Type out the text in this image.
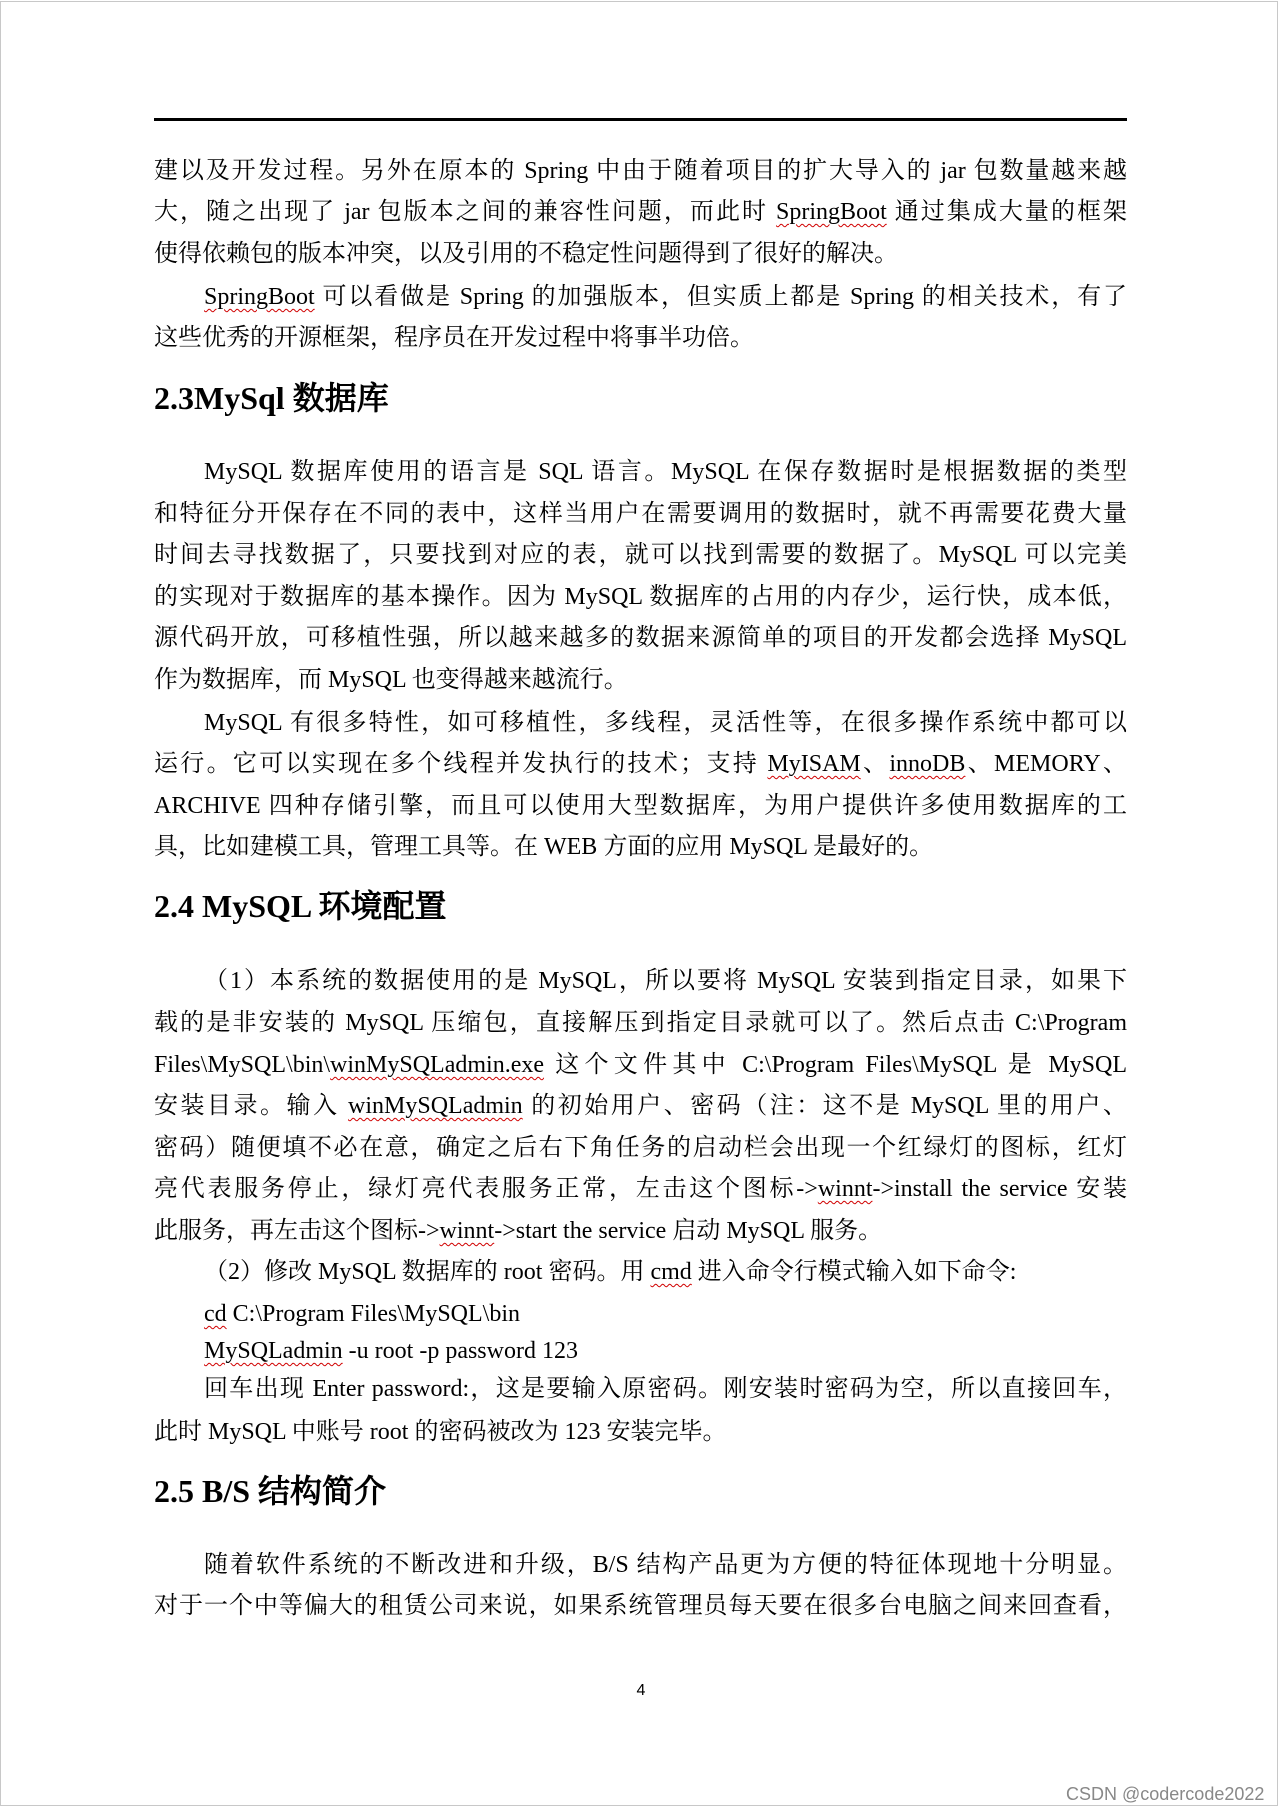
建以及开发过程。另外在原本的 Spring 中由于随着项目的扩大导入的 jar 包数量越来越
大，随之出现了 jar 包版本之间的兼容性问题，而此时 SpringBoot 通过集成大量的框架
使得依赖包的版本冲突，以及引用的不稳定性问题得到了很好的解决。
SpringBoot 可以看做是 Spring 的加强版本，但实质上都是 Spring 的相关技术，有了
这些优秀的开源框架，程序员在开发过程中将事半功倍。
2.3MySql 数据库
MySQL 数据库使用的语言是 SQL 语言。MySQL 在保存数据时是根据数据的类型
和特征分开保存在不同的表中，这样当用户在需要调用的数据时，就不再需要花费大量
时间去寻找数据了，只要找到对应的表，就可以找到需要的数据了。MySQL 可以完美
的实现对于数据库的基本操作。因为 MySQL 数据库的占用的内存少，运行快，成本低，
源代码开放，可移植性强，所以越来越多的数据来源简单的项目的开发都会选择 MySQL
作为数据库，而 MySQL 也变得越来越流行。
MySQL 有很多特性，如可移植性，多线程，灵活性等，在很多操作系统中都可以
运行。它可以实现在多个线程并发执行的技术；支持 MyISAM、innoDB、MEMORY、
ARCHIVE 四种存储引擎，而且可以使用大型数据库，为用户提供许多使用数据库的工
具，比如建模工具，管理工具等。在 WEB 方面的应用 MySQL 是最好的。
2.4 MySQL 环境配置
（1）本系统的数据使用的是 MySQL，所以要将 MySQL 安装到指定目录，如果下
载的是非安装的 MySQL 压缩包，直接解压到指定目录就可以了。然后点击 C:\Program
Files\MySQL\bin\winMySQLadmin.exe 这个文件其中 C:\Program Files\MySQL 是 MySQL
安装目录。输入 winMySQLadmin 的初始用户、密码（注：这不是 MySQL 里的用户、
密码）随便填不必在意，确定之后右下角任务的启动栏会出现一个红绿灯的图标，红灯
亮代表服务停止，绿灯亮代表服务正常，左击这个图标->winnt->install the service 安装
此服务，再左击这个图标->winnt->start the service 启动 MySQL 服务。
（2）修改 MySQL 数据库的 root 密码。用 cmd 进入命令行模式输入如下命令:
cd C:\Program Files\MySQL\bin
MySQLadmin -u root -p password 123
回车出现 Enter password:，这是要输入原密码。刚安装时密码为空，所以直接回车，
此时 MySQL 中账号 root 的密码被改为 123 安装完毕。
2.5 B/S 结构简介
随着软件系统的不断改进和升级，B/S 结构产品更为方便的特征体现地十分明显。
对于一个中等偏大的租赁公司来说，如果系统管理员每天要在很多台电脑之间来回查看，
4
CSDN @codercode2022
